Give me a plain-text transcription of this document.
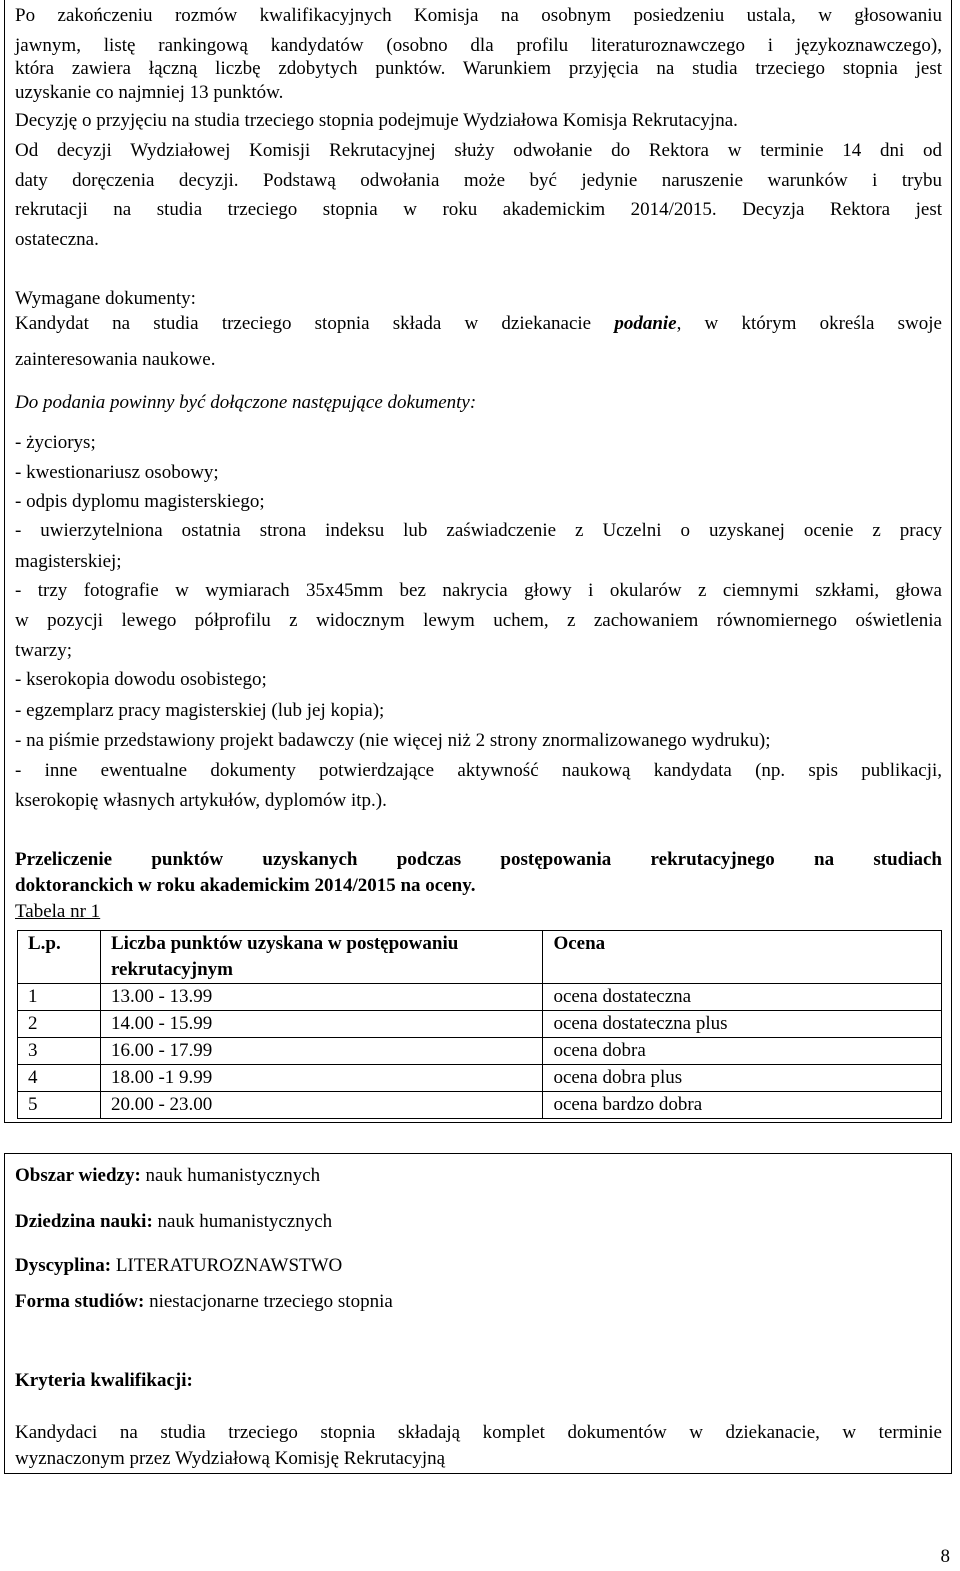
Po zakończeniu rozmów kwalifikacyjnych Komisja na osobnym posiedzeniu ustala, w głosowaniu
jawnym, listę rankingową kandydatów (osobno dla profilu literaturoznawczego i językoznawczego),
która zawiera łączną liczbę zdobytych punktów. Warunkiem przyjęcia na studia trzeciego stopnia jest
uzyskanie co najmniej 13 punktów.
Decyzję o przyjęciu na studia trzeciego stopnia podejmuje Wydziałowa Komisja Rekrutacyjna.
Od decyzji Wydziałowej Komisji Rekrutacyjnej służy odwołanie do Rektora w terminie 14 dni od
daty doręczenia decyzji. Podstawą odwołania może być jedynie naruszenie warunków i trybu
rekrutacji na studia trzeciego stopnia w roku akademickim 2014/2015. Decyzja Rektora jest
ostateczna.
Wymagane dokumenty:
Kandydat na studia trzeciego stopnia składa w dziekanacie podanie, w którym określa swoje
zainteresowania naukowe.
Do podania powinny być dołączone następujące dokumenty:
- życiorys;
- kwestionariusz osobowy;
- odpis dyplomu magisterskiego;
- uwierzytelniona ostatnia strona indeksu lub zaświadczenie z Uczelni o uzyskanej ocenie z pracy
magisterskiej;
- trzy fotografie w wymiarach 35x45mm bez nakrycia głowy i okularów z ciemnymi szkłami, głowa
w pozycji lewego półprofilu z widocznym lewym uchem, z zachowaniem równomiernego oświetlenia
twarzy;
- kserokopia dowodu osobistego;
- egzemplarz pracy magisterskiej (lub jej kopia);
- na piśmie przedstawiony projekt badawczy (nie więcej niż 2 strony znormalizowanego wydruku);
- inne ewentualne dokumenty potwierdzające aktywność naukową kandydata (np. spis publikacji,
kserokopię własnych artykułów, dyplomów itp.).
Przeliczenie punktów uzyskanych podczas postępowania rekrutacyjnego na studiach
doktoranckich w roku akademickim 2014/2015 na oceny.
Tabela nr 1
L.p.	Liczba punktów uzyskana w postępowaniu rekrutacyjnym	Ocena
1	13.00 - 13.99	ocena dostateczna
2	14.00 - 15.99	ocena dostateczna plus
3	16.00 - 17.99	ocena dobra
4	18.00 -1 9.99	ocena dobra plus
5	20.00 - 23.00	ocena bardzo dobra
Obszar wiedzy: nauk humanistycznych
Dziedzina nauki: nauk humanistycznych
Dyscyplina: LITERATUROZNAWSTWO
Forma studiów: niestacjonarne trzeciego stopnia
Kryteria kwalifikacji:
Kandydaci na studia trzeciego stopnia składają komplet dokumentów w dziekanacie, w terminie
wyznaczonym przez Wydziałową Komisję Rekrutacyjną
8
